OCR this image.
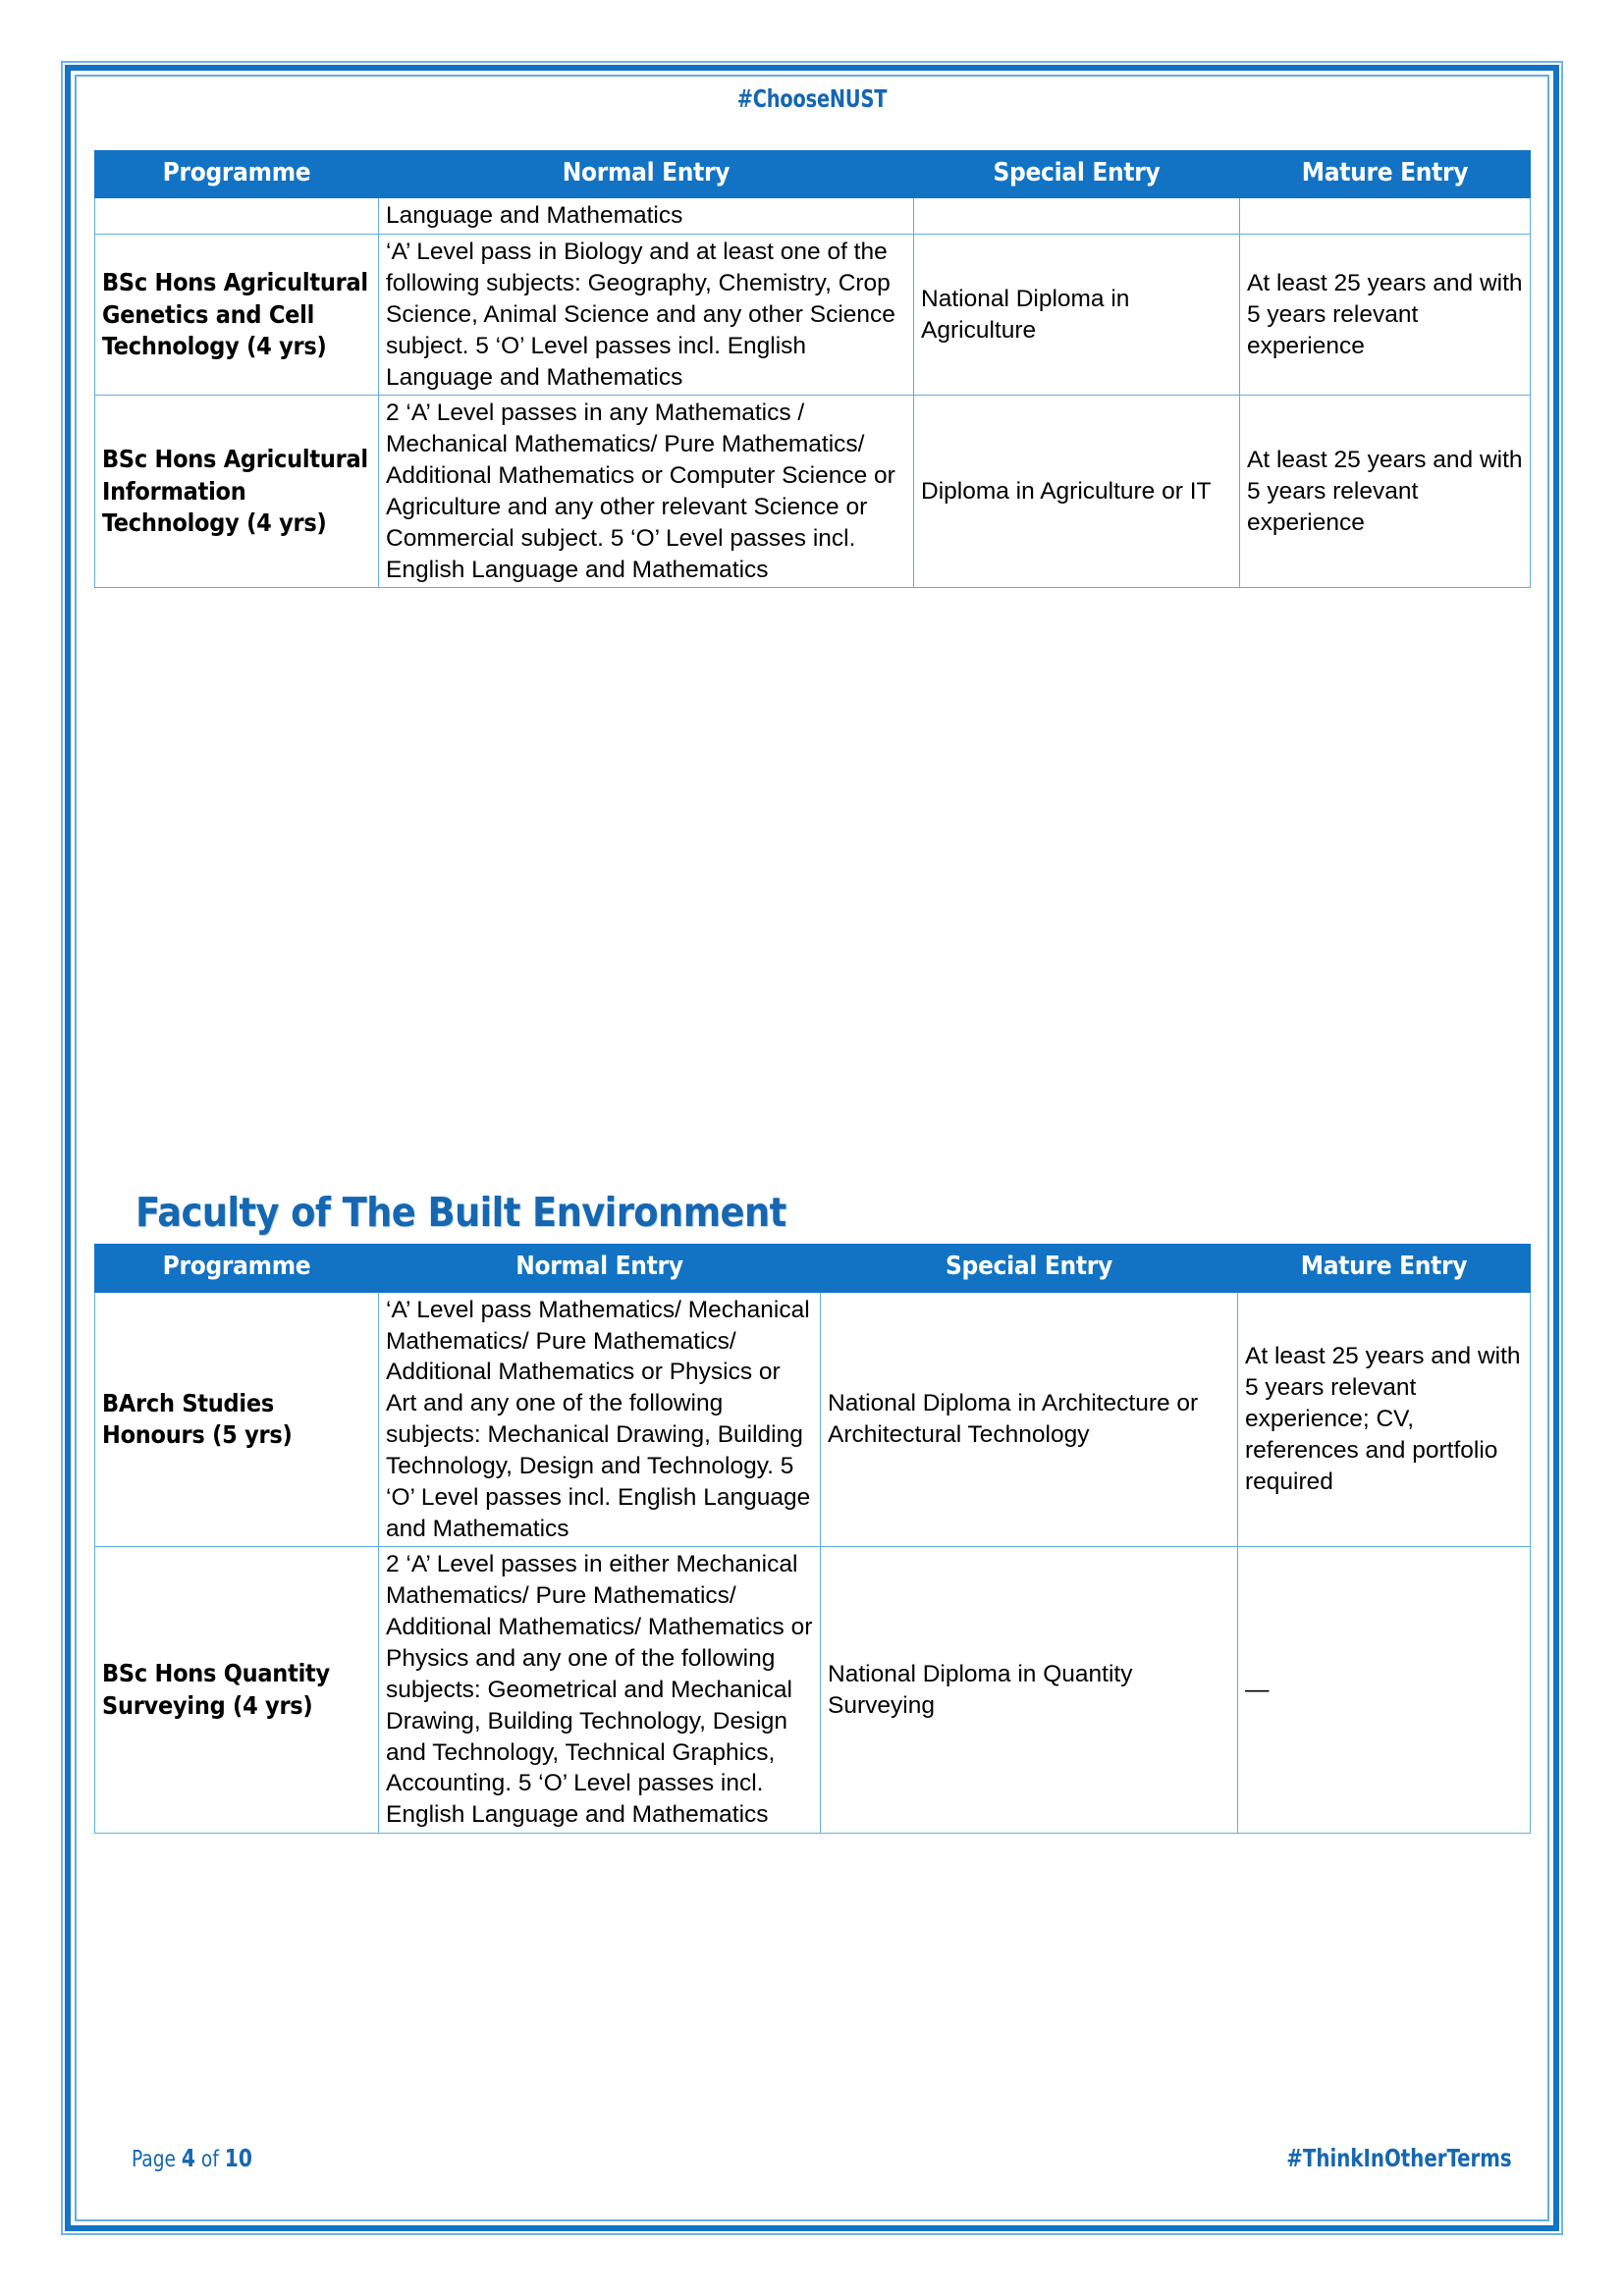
#ChooseNUST
Programme	Normal Entry	Special Entry	Mature Entry
	Language and Mathematics		
BSc Hons Agricultural Genetics and Cell Technology (4 yrs)	‘A’ Level pass in Biology and at least one of the following subjects: Geography, Chemistry, Crop Science, Animal Science and any other Science subject. 5 ‘O’ Level passes incl. English Language and Mathematics	National Diploma in Agriculture	At least 25 years and with 5 years relevant experience
BSc Hons Agricultural Information Technology (4 yrs)	2 ‘A’ Level passes in any Mathematics / Mechanical Mathematics/ Pure Mathematics/ Additional Mathematics or Computer Science or Agriculture and any other relevant Science or Commercial subject. 5 ‘O’ Level passes incl. English Language and Mathematics	Diploma in Agriculture or IT	At least 25 years and with 5 years relevant experience
Faculty of The Built Environment
Programme	Normal Entry	Special Entry	Mature Entry
BArch Studies Honours (5 yrs)	‘A’ Level pass Mathematics/ Mechanical Mathematics/ Pure Mathematics/ Additional Mathematics or Physics or Art and any one of the following subjects: Mechanical Drawing, Building Technology, Design and Technology. 5 ‘O’ Level passes incl. English Language and Mathematics	National Diploma in Architecture or Architectural Technology	At least 25 years and with 5 years relevant experience; CV, references and portfolio required
BSc Hons Quantity Surveying (4 yrs)	2 ‘A’ Level passes in either Mechanical Mathematics/ Pure Mathematics/ Additional Mathematics/ Mathematics or Physics and any one of the following subjects: Geometrical and Mechanical Drawing, Building Technology, Design and Technology, Technical Graphics, Accounting. 5 ‘O’ Level passes incl. English Language and Mathematics	National Diploma in Quantity Surveying	—
Page 4 of 10	#ThinkInOtherTerms
